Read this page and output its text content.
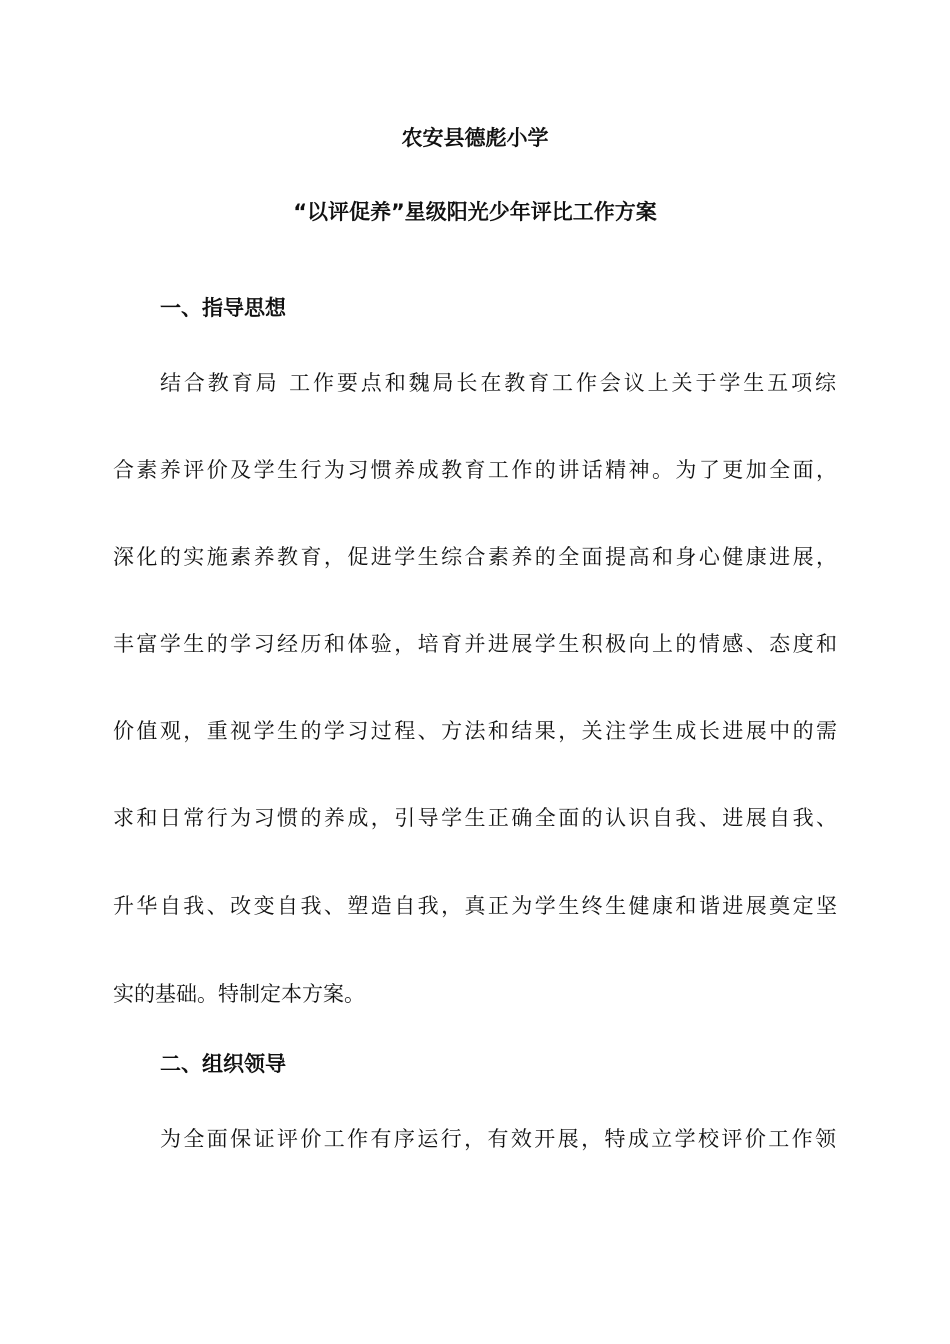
农安县德彪小学
“以评促养”星级阳光少年评比工作方案
一、指导思想
结合教育局 工作要点和魏局长在教育工作会议上关于学生五项综
合素养评价及学生行为习惯养成教育工作的讲话精神。为了更加全面，
深化的实施素养教育，促进学生综合素养的全面提高和身心健康进展，
丰富学生的学习经历和体验，培育并进展学生积极向上的情感、态度和
价值观，重视学生的学习过程、方法和结果，关注学生成长进展中的需
求和日常行为习惯的养成，引导学生正确全面的认识自我、进展自我、
升华自我、改变自我、塑造自我，真正为学生终生健康和谐进展奠定坚
实的基础。特制定本方案。
二、组织领导
为全面保证评价工作有序运行，有效开展，特成立学校评价工作领
